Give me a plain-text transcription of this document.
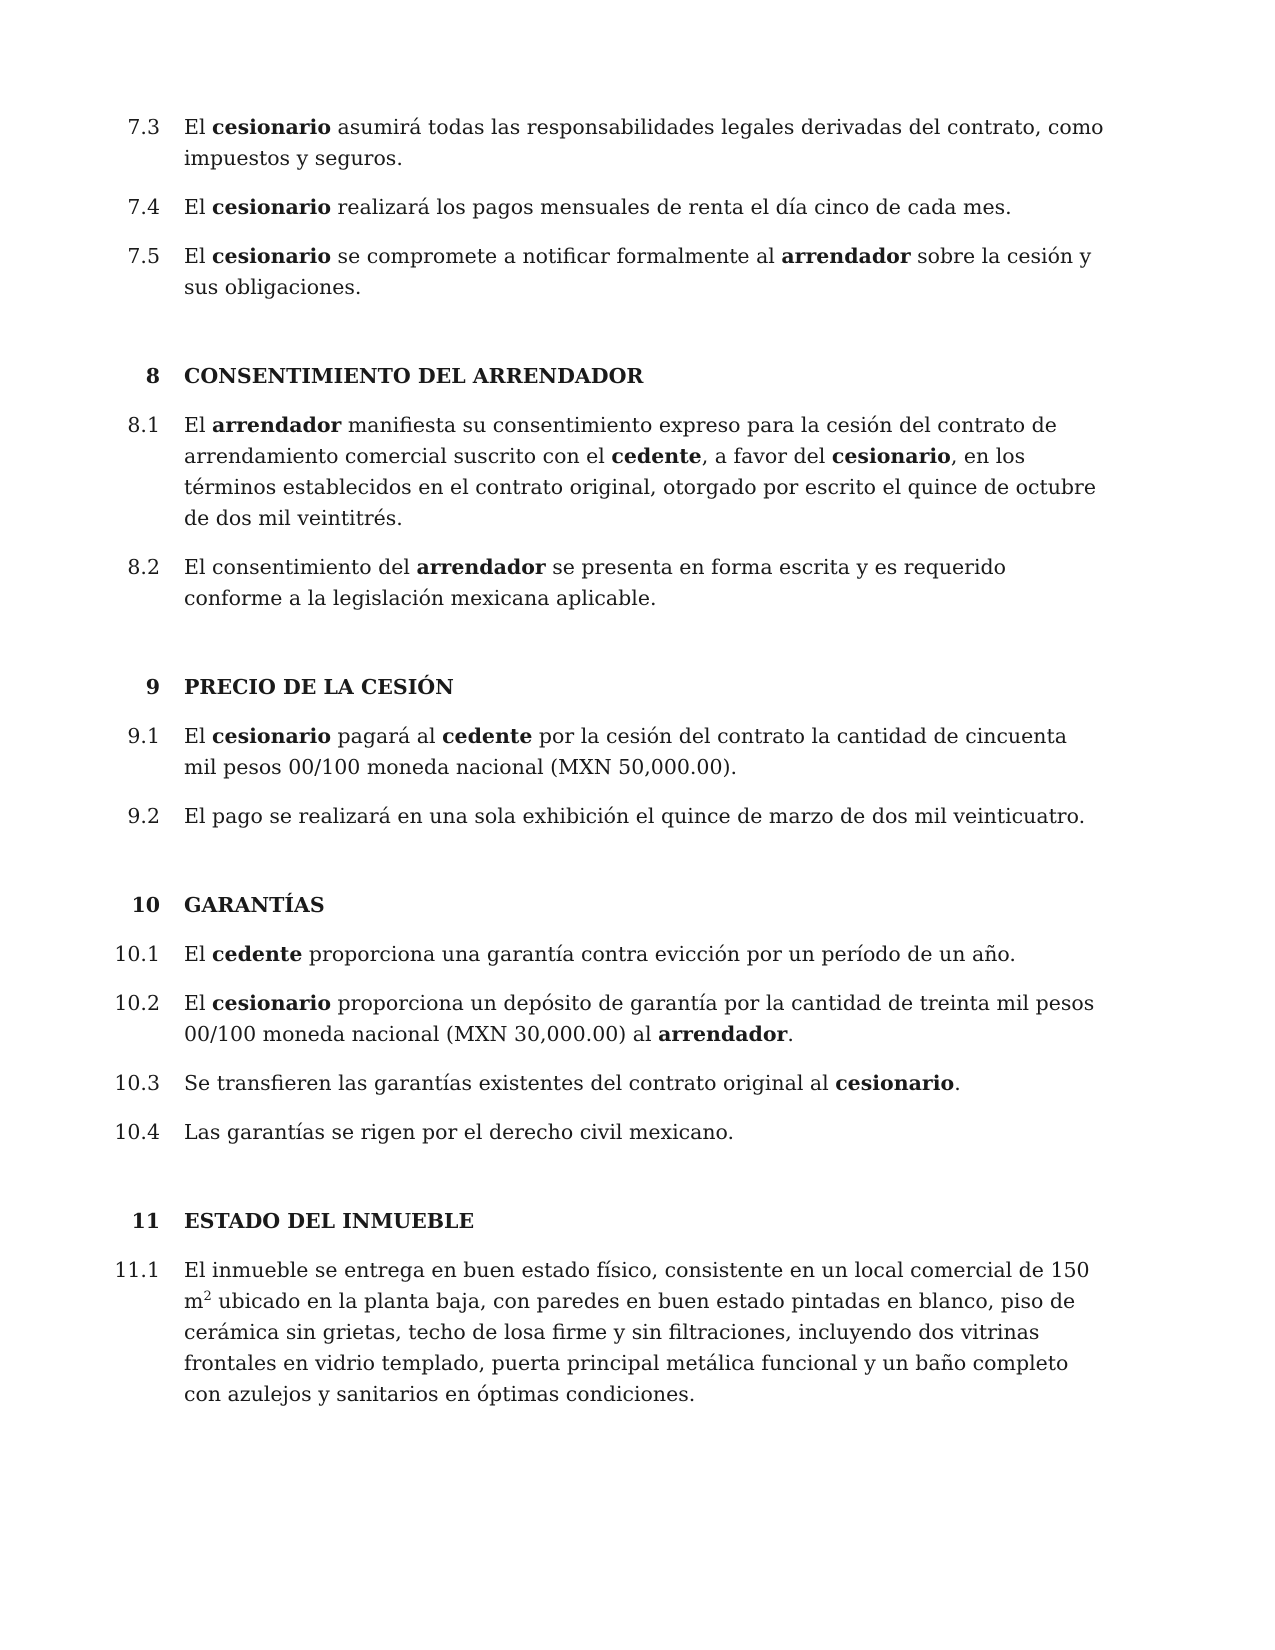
7.3	El cesionario asumirá todas las responsabilidades legales derivadas del contrato, como impuestos y seguros.
7.4	El cesionario realizará los pagos mensuales de renta el día cinco de cada mes.
7.5	El cesionario se compromete a notificar formalmente al arrendador sobre la cesión y sus obligaciones.
8	CONSENTIMIENTO DEL ARRENDADOR
8.1	El arrendador manifiesta su consentimiento expreso para la cesión del contrato de arrendamiento comercial suscrito con el cedente, a favor del cesionario, en los términos establecidos en el contrato original, otorgado por escrito el quince de octubre de dos mil veintitrés.
8.2	El consentimiento del arrendador se presenta en forma escrita y es requerido conforme a la legislación mexicana aplicable.
9	PRECIO DE LA CESIÓN
9.1	El cesionario pagará al cedente por la cesión del contrato la cantidad de cincuenta mil pesos 00/100 moneda nacional (MXN 50,000.00).
9.2	El pago se realizará en una sola exhibición el quince de marzo de dos mil veinticuatro.
10	GARANTÍAS
10.1	El cedente proporciona una garantía contra evicción por un período de un año.
10.2	El cesionario proporciona un depósito de garantía por la cantidad de treinta mil pesos 00/100 moneda nacional (MXN 30,000.00) al arrendador.
10.3	Se transfieren las garantías existentes del contrato original al cesionario.
10.4	Las garantías se rigen por el derecho civil mexicano.
11	ESTADO DEL INMUEBLE
11.1	El inmueble se entrega en buen estado físico, consistente en un local comercial de 150 $m^2$ ubicado en la planta baja, con paredes en buen estado pintadas en blanco, piso de cerámica sin grietas, techo de losa firme y sin filtraciones, incluyendo dos vitrinas frontales en vidrio templado, puerta principal metálica funcional y un baño completo con azulejos y sanitarios en óptimas condiciones.
